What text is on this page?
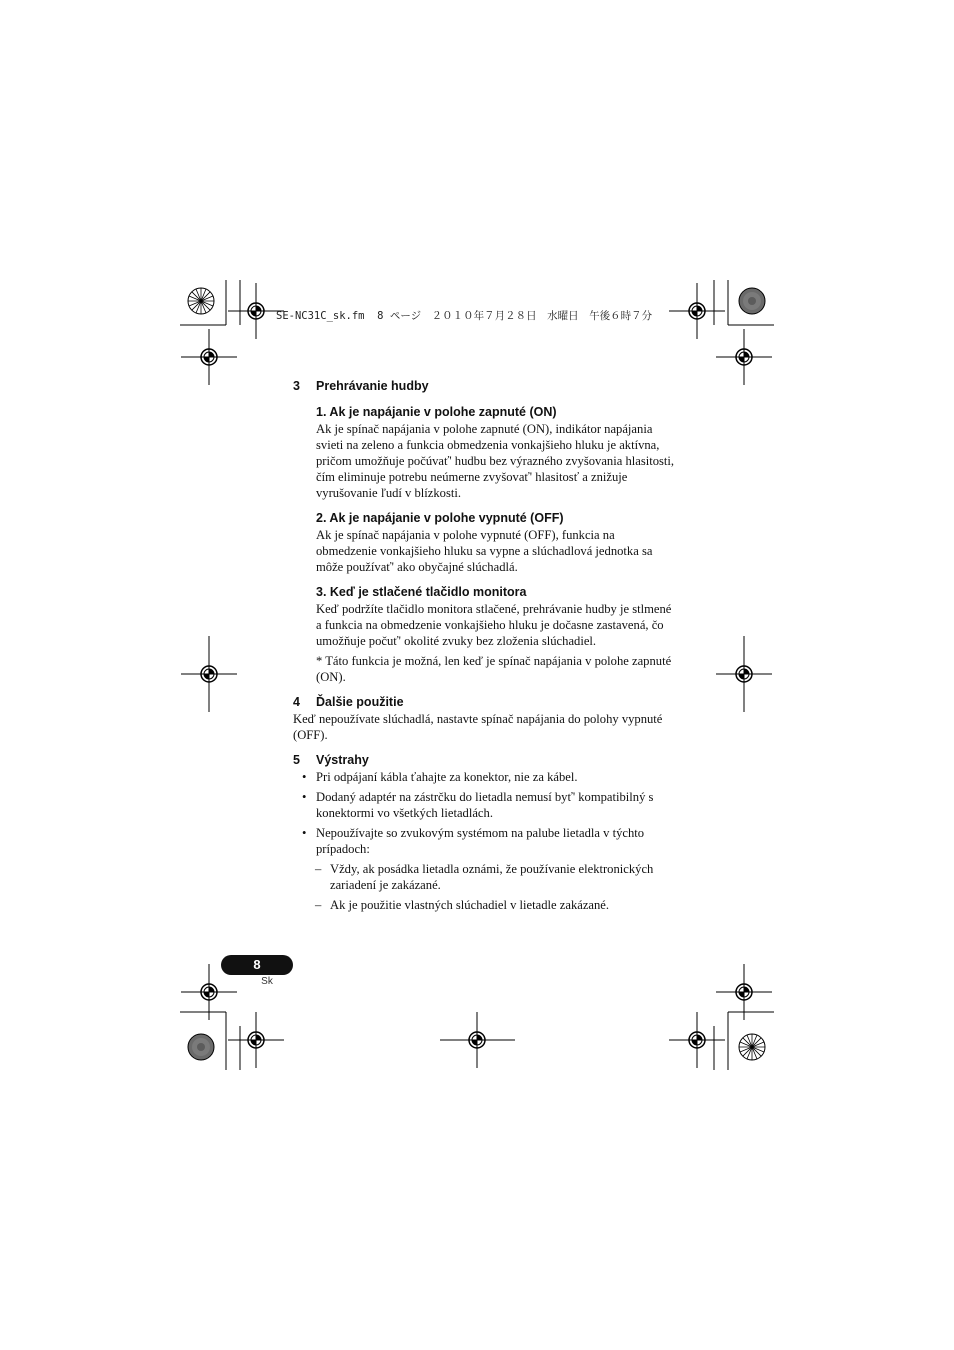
SE-NC31C_sk.fm 8 ページ　 ２０１０年７月２８日　水曜日　午後６時７分
3 Prehrávanie hudby
1. Ak je napájanie v polohe zapnuté (ON)

Ak je spínač napájania v polohe zapnuté (ON), indikátor napájania svieti na zeleno a funkcia obmedzenia vonkajšieho hluku je aktívna, pričom umožňuje počúvať' hudbu bez výrazného zvyšovania hlasitosti, čím eliminuje potrebu neúmerne zvyšovať' hlasitosť a znižuje vyrušovanie ľudí v blízkosti.

2. Ak je napájanie v polohe vypnuté (OFF)

Ak je spínač napájania v polohe vypnuté (OFF), funkcia na obmedzenie vonkajšieho hluku sa vypne a slúchadlová jednotka sa môže používať' ako obyčajné slúchadlá.

3. Keď je stlačené tlačidlo monitora

Keď podržíte tlačidlo monitora stlačené, prehrávanie hudby je stlmené a funkcia na obmedzenie vonkajšieho hluku je dočasne zastavená, čo umožňuje počuť' okolité zvuky bez zloženia slúchadiel.

* Táto funkcia je možná, len keď je spínač napájania v polohe zapnuté (ON).

4 Ďalšie použitie

Keď nepoužívate slúchadlá, nastavte spínač napájania do polohy vypnuté (OFF).

5 Výstrahy
• Pri odpájaní kábla ťahajte za konektor, nie za kábel.
• Dodaný adaptér na zástrčku do lietadla nemusí byť' kompatibilný s konektormi vo všetkých lietadlách.
• Nepoužívajte so zvukovým systémom na palube lietadla v týchto prípadoch:
– Vždy, ak posádka lietadla oznámi, že používanie elektronických zariadení je zakázané.
– Ak je použitie vlastných slúchadiel v lietadle zakázané.
8
Sk
